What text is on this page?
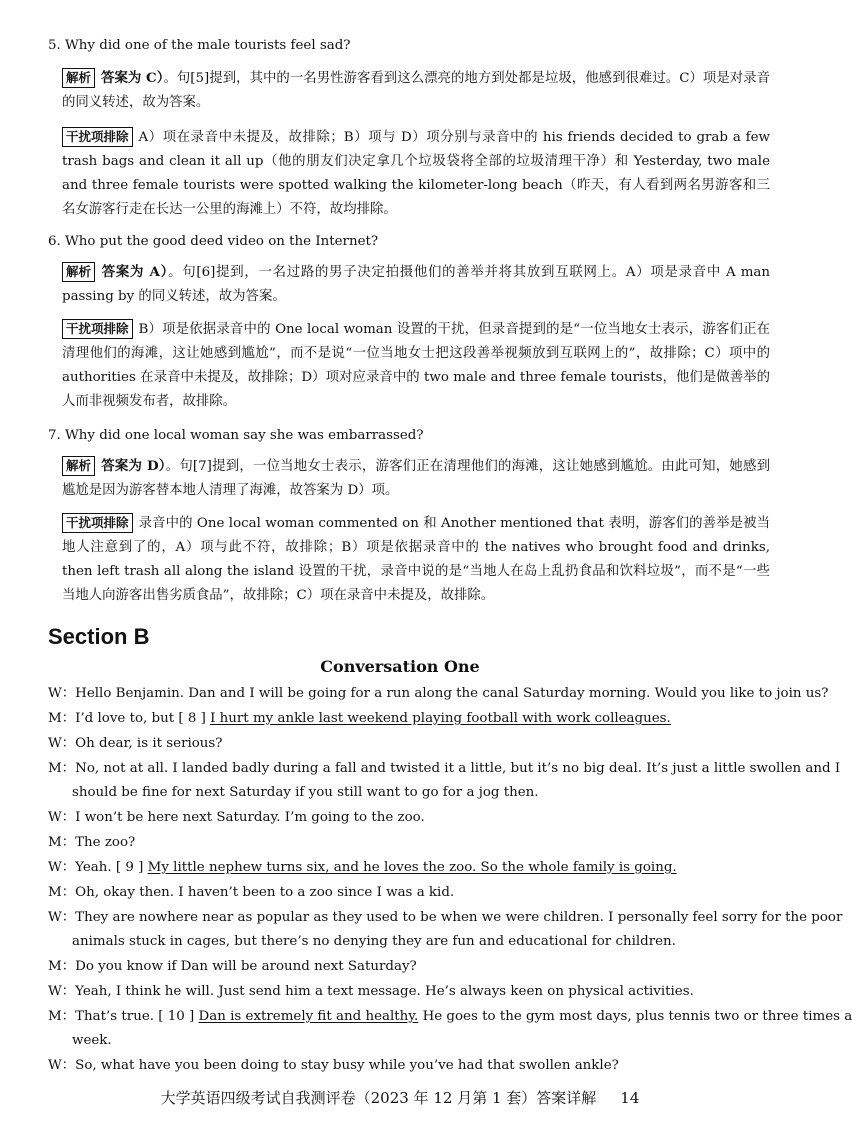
5. Why did one of the male tourists feel sad?

解析 答案为 C）。句[5]提到，其中的一名男性游客看到这么漂亮的地方到处都是垃圾，他感到很难过。C）项是对录音的同义转述，故为答案。

干扰项排除 A）项在录音中未提及，故排除；B）项与 D）项分别与录音中的 his friends decided to grab a few trash bags and clean it all up（他的朋友们决定拿几个垃圾袋将全部的垃圾清理干净）和 Yesterday, two male and three female tourists were spotted walking the kilometer-long beach（昨天，有人看到两名男游客和三名女游客行走在长达一公里的海滩上）不符，故均排除。

6. Who put the good deed video on the Internet?

解析 答案为 A）。句[6]提到，一名过路的男子决定拍摄他们的善举并将其放到互联网上。A）项是录音中 A man passing by 的同义转述，故为答案。

干扰项排除 B）项是依据录音中的 One local woman 设置的干扰，但录音提到的是“一位当地女士表示，游客们正在清理他们的海滩，这让她感到尴尬”，而不是说“一位当地女士把这段善举视频放到互联网上的”，故排除；C）项中的 authorities 在录音中未提及，故排除；D）项对应录音中的 two male and three female tourists，他们是做善举的人而非视频发布者，故排除。

7. Why did one local woman say she was embarrassed?

解析 答案为 D）。句[7]提到，一位当地女士表示，游客们正在清理他们的海滩，这让她感到尴尬。由此可知，她感到尴尬是因为游客替本地人清理了海滩，故答案为 D）项。

干扰项排除 录音中的 One local woman commented on 和 Another mentioned that 表明，游客们的善举是被当地人注意到了的，A）项与此不符，故排除；B）项是依据录音中的 the natives who brought food and drinks, then left trash all along the island 设置的干扰，录音中说的是“当地人在岛上乱扔食品和饮料垃圾”，而不是“一些当地人向游客出售劣质食品”，故排除；C）项在录音中未提及，故排除。

Section B
Conversation One

W：Hello Benjamin. Dan and I will be going for a run along the canal Saturday morning. Would you like to join us?

M：I’d love to, but [ 8 ] I hurt my ankle last weekend playing football with work colleagues.

W：Oh dear, is it serious?

M：No, not at all. I landed badly during a fall and twisted it a little, but it’s no big deal. It’s just a little swollen and I

should be fine for next Saturday if you still want to go for a jog then.

W：I won’t be here next Saturday. I’m going to the zoo.

M：The zoo?

W：Yeah. [ 9 ] My little nephew turns six, and he loves the zoo. So the whole family is going.

M：Oh, okay then. I haven’t been to a zoo since I was a kid.

W：They are nowhere near as popular as they used to be when we were children. I personally feel sorry for the poor

animals stuck in cages, but there’s no denying they are fun and educational for children.

M：Do you know if Dan will be around next Saturday?

W：Yeah, I think he will. Just send him a text message. He’s always keen on physical activities.

M：That’s true. [ 10 ] Dan is extremely fit and healthy. He goes to the gym most days, plus tennis two or three times a

week.

W：So, what have you been doing to stay busy while you’ve had that swollen ankle?

大学英语四级考试自我测评卷（2023 年 12 月第 1 套）答案详解 14
